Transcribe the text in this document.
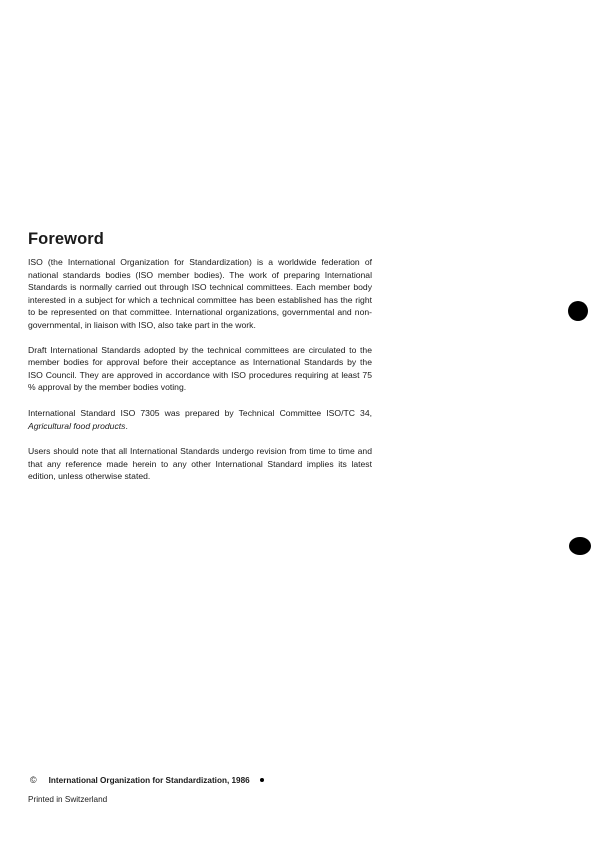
Foreword

ISO (the International Organization for Standardization) is a worldwide federation of national standards bodies (ISO member bodies). The work of preparing International Standards is normally carried out through ISO technical committees. Each member body interested in a subject for which a technical committee has been established has the right to be represented on that committee. International organizations, governmental and non-governmental, in liaison with ISO, also take part in the work.

Draft International Standards adopted by the technical committees are circulated to the member bodies for approval before their acceptance as International Standards by the ISO Council. They are approved in accordance with ISO procedures requiring at least 75 % approval by the member bodies voting.

International Standard ISO 7305 was prepared by Technical Committee ISO/TC 34, Agricultural food products.

Users should note that all International Standards undergo revision from time to time and that any reference made herein to any other International Standard implies its latest edition, unless otherwise stated.

© International Organization for Standardization, 1986
Printed in Switzerland
